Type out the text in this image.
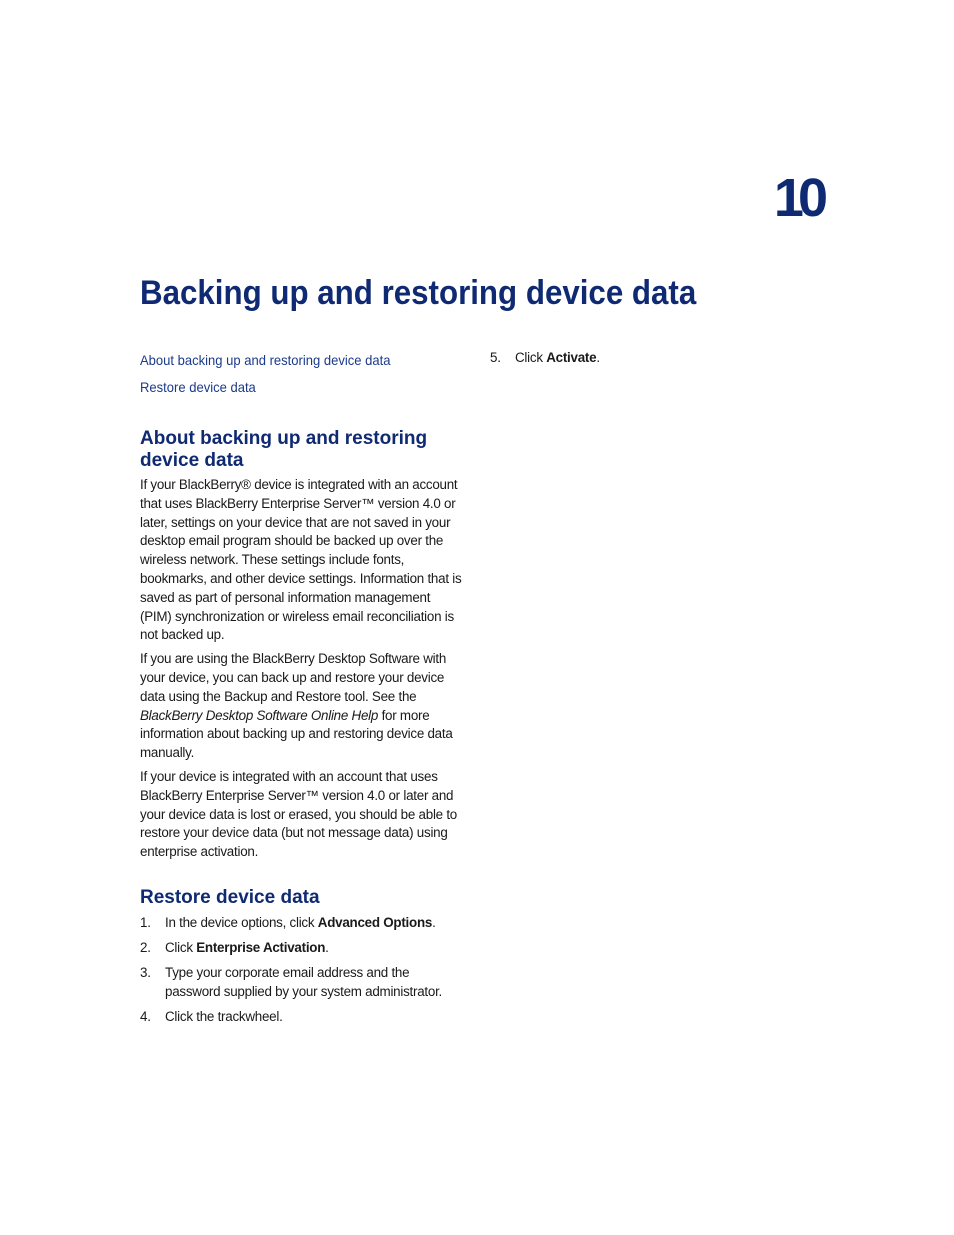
10
Backing up and restoring device data
About backing up and restoring device data
Restore device data
About backing up and restoring device data

If your BlackBerry® device is integrated with an account that uses BlackBerry Enterprise Server™ version 4.0 or later, settings on your device that are not saved in your desktop email program should be backed up over the wireless network. These settings include fonts, bookmarks, and other device settings. Information that is saved as part of personal information management (PIM) synchronization or wireless email reconciliation is not backed up.

If you are using the BlackBerry Desktop Software with your device, you can back up and restore your device data using the Backup and Restore tool. See the BlackBerry Desktop Software Online Help for more information about backing up and restoring device data manually.

If your device is integrated with an account that uses BlackBerry Enterprise Server™ version 4.0 or later and your device data is lost or erased, you should be able to restore your device data (but not message data) using enterprise activation.

Restore device data
1. In the device options, click Advanced Options.
2. Click Enterprise Activation.
3. Type your corporate email address and the password supplied by your system administrator.
4. Click the trackwheel.
5. Click Activate.
